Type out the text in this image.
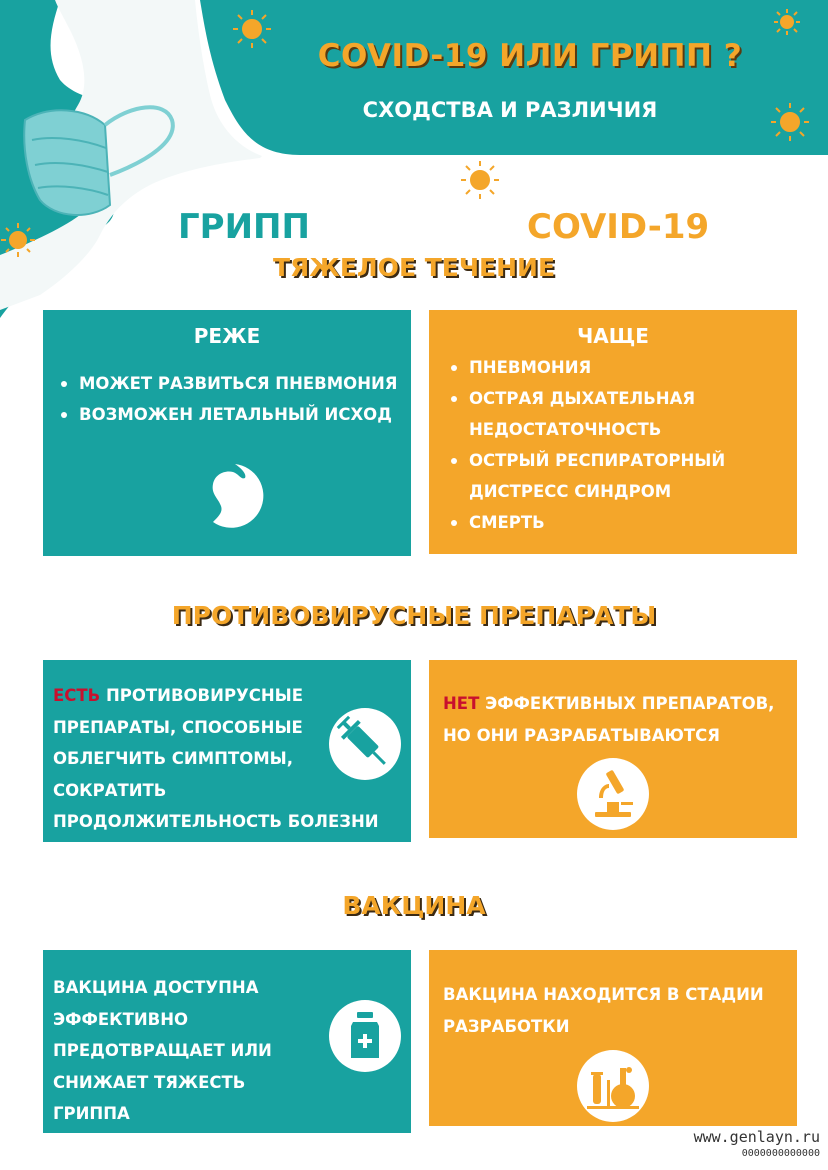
COVID-19 ИЛИ ГРИПП ?
СХОДСТВА И РАЗЛИЧИЯ
ГРИПП	COVID-19
ТЯЖЕЛОЕ ТЕЧЕНИЕ
РЕЖЕ
МОЖЕТ РАЗВИТЬСЯ ПНЕВМОНИЯ
ВОЗМОЖЕН ЛЕТАЛЬНЫЙ ИСХОД
ЧАЩЕ
ПНЕВМОНИЯ
ОСТРАЯ ДЫХАТЕЛЬНАЯ НЕДОСТАТОЧНОСТЬ
ОСТРЫЙ РЕСПИРАТОРНЫЙ ДИСТРЕСС СИНДРОМ
СМЕРТЬ
ПРОТИВОВИРУСНЫЕ ПРЕПАРАТЫ
ЕСТЬ ПРОТИВОВИРУСНЫЕ ПРЕПАРАТЫ, СПОСОБНЫЕ ОБЛЕГЧИТЬ СИМПТОМЫ, СОКРАТИТЬ ПРОДОЛЖИТЕЛЬНОСТЬ БОЛЕЗНИ
НЕТ ЭФФЕКТИВНЫХ ПРЕПАРАТОВ, НО ОНИ РАЗРАБАТЫВАЮТСЯ
ВАКЦИНА
ВАКЦИНА ДОСТУПНА ЭФФЕКТИВНО ПРЕДОТВРАЩАЕТ ИЛИ СНИЖАЕТ ТЯЖЕСТЬ ГРИППА
ВАКЦИНА НАХОДИТСЯ В СТАДИИ РАЗРАБОТКИ
www.genlayn.ru
0000000000000
